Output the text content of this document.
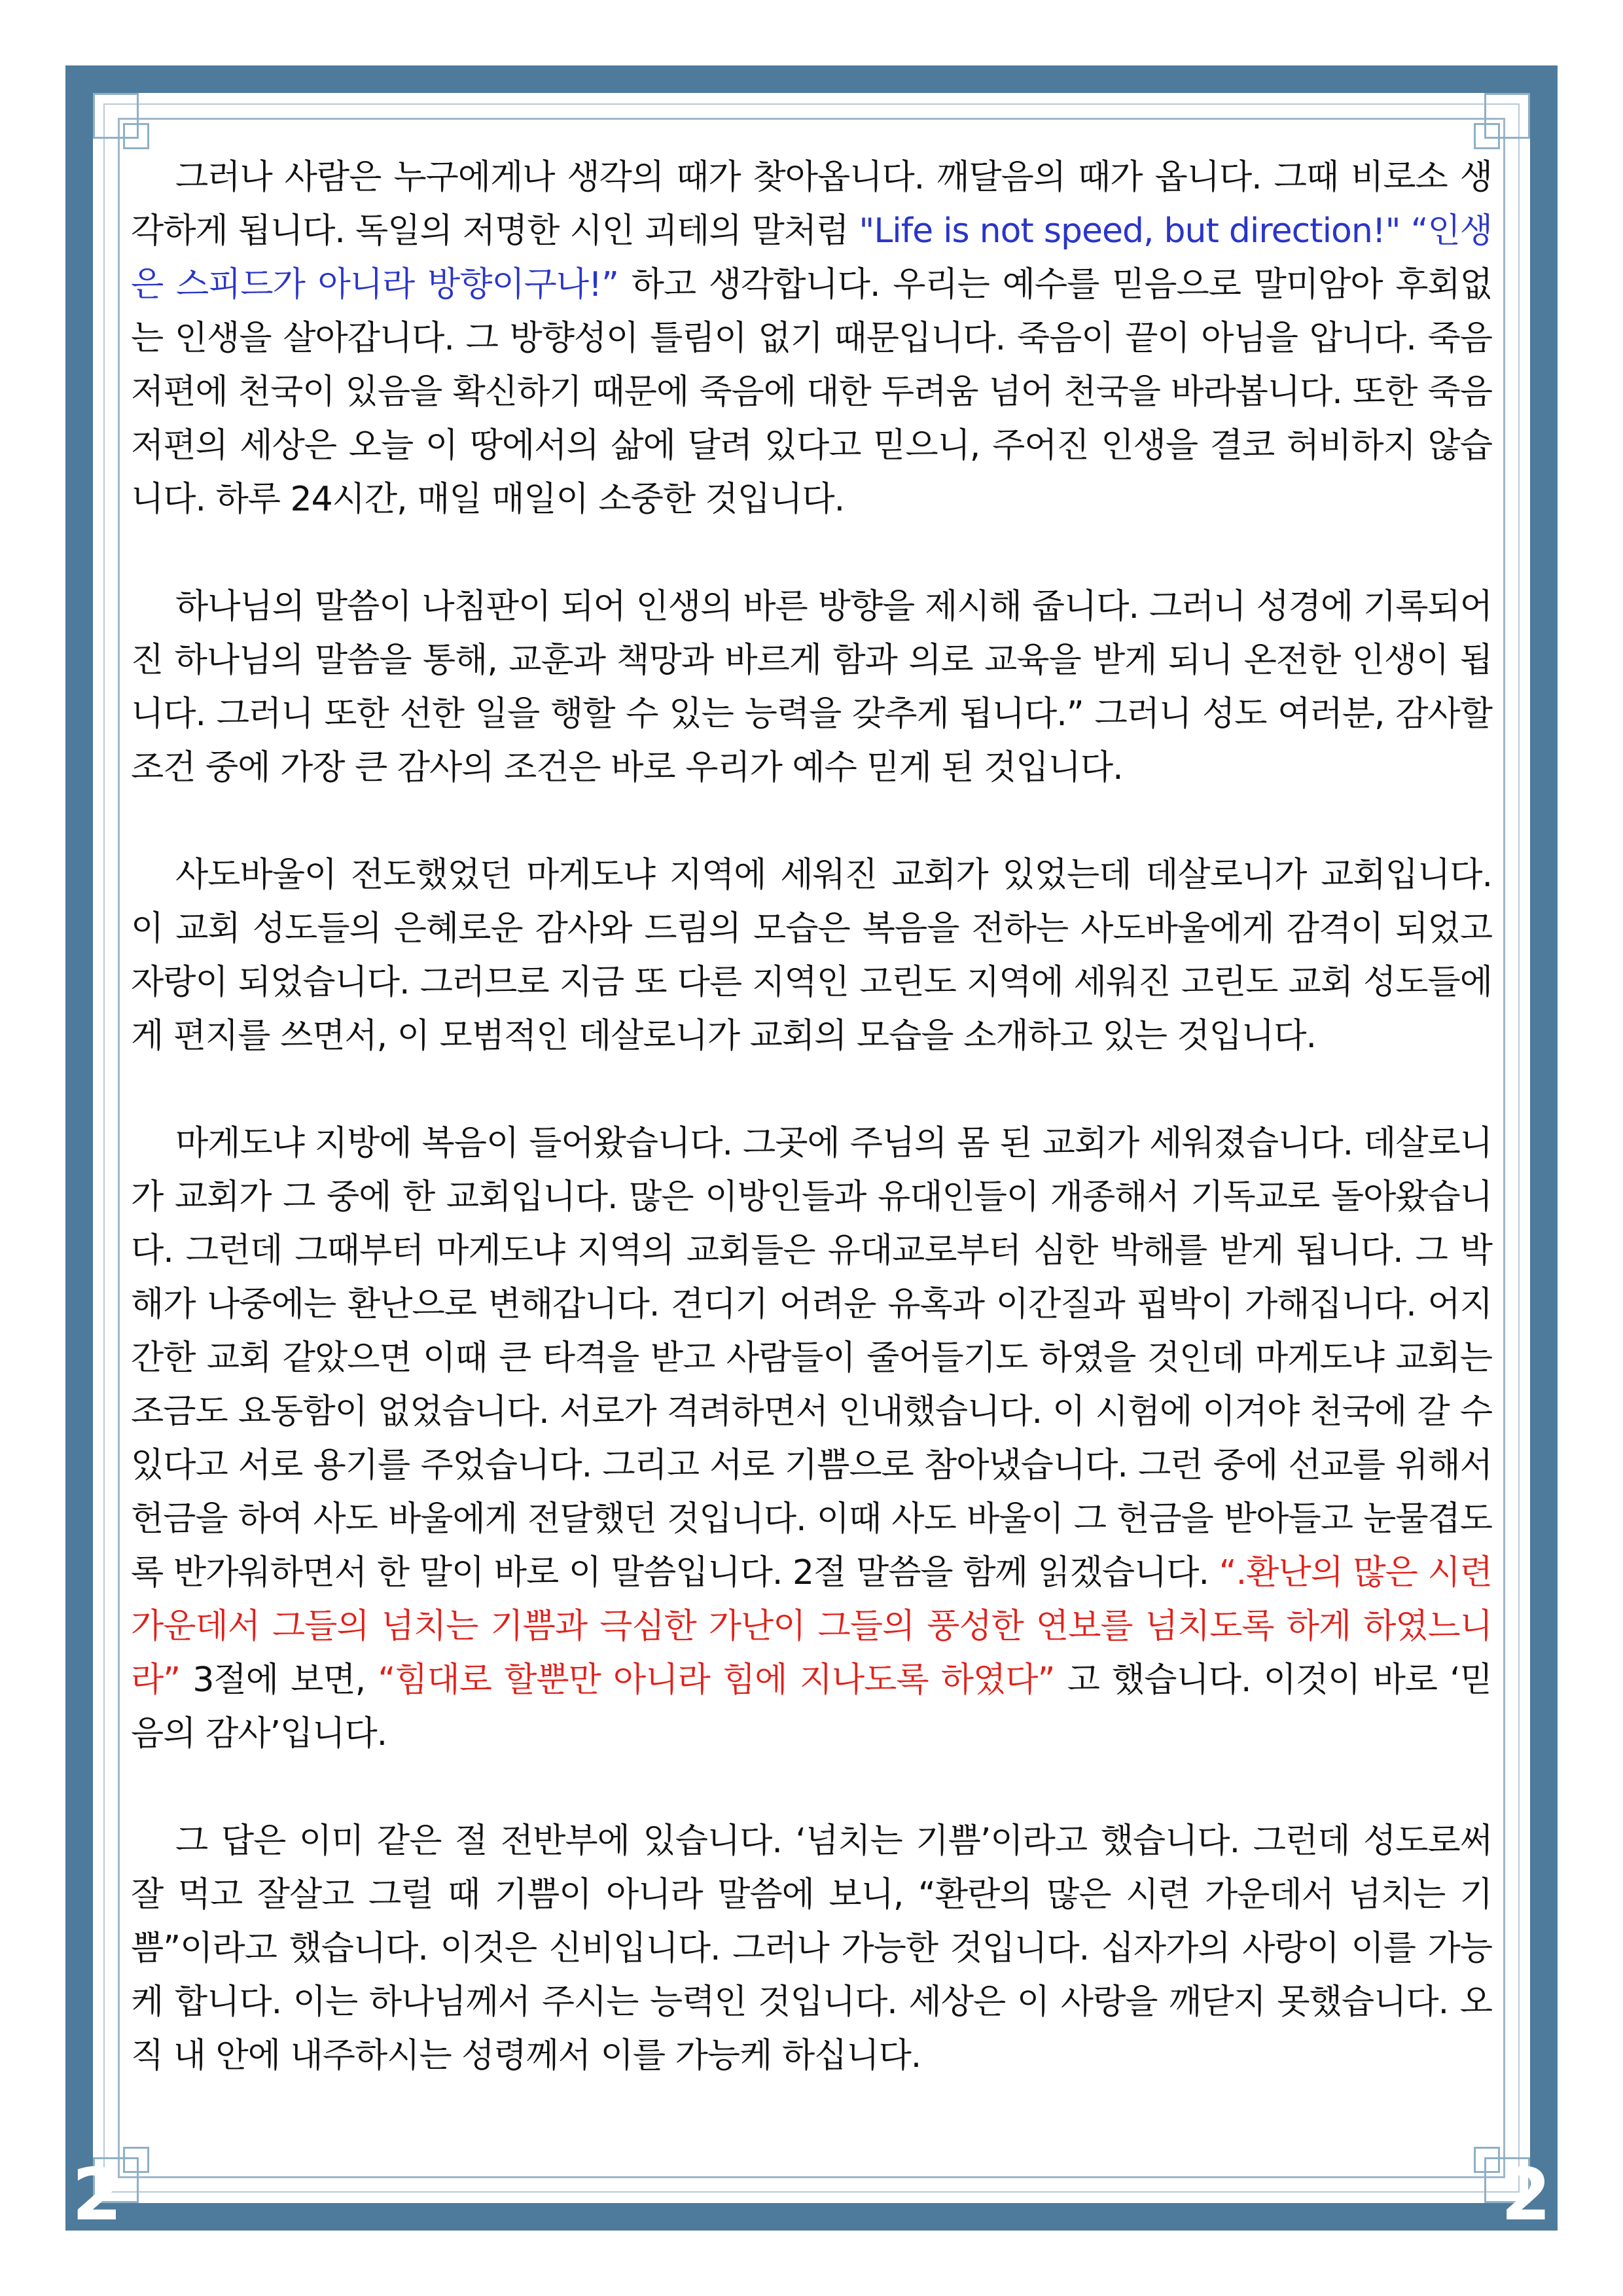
그러나 사람은 누구에게나 생각의 때가 찾아옵니다. 깨달음의 때가 옵니다. 그때 비로소 생각하게 됩니다. 독일의 저명한 시인 괴테의 말처럼 "Life is not speed, but direction!" “인생은 스피드가 아니라 방향이구나!” 하고 생각합니다. 우리는 예수를 믿음으로 말미암아 후회없는 인생을 살아갑니다. 그 방향성이 틀림이 없기 때문입니다. 죽음이 끝이 아님을 압니다. 죽음 저편에 천국이 있음을 확신하기 때문에 죽음에 대한 두려움 넘어 천국을 바라봅니다. 또한 죽음 저편의 세상은 오늘 이 땅에서의 삶에 달려 있다고 믿으니, 주어진 인생을 결코 허비하지 않습니다. 하루 24시간, 매일 매일이 소중한 것입니다.

하나님의 말씀이 나침판이 되어 인생의 바른 방향을 제시해 줍니다. 그러니 성경에 기록되어진 하나님의 말씀을 통해, 교훈과 책망과 바르게 함과 의로 교육을 받게 되니 온전한 인생이 됩니다. 그러니 또한 선한 일을 행할 수 있는 능력을 갖추게 됩니다.” 그러니 성도 여러분, 감사할 조건 중에 가장 큰 감사의 조건은 바로 우리가 예수 믿게 된 것입니다.

사도바울이 전도했었던 마게도냐 지역에 세워진 교회가 있었는데 데살로니가 교회입니다. 이 교회 성도들의 은혜로운 감사와 드림의 모습은 복음을 전하는 사도바울에게 감격이 되었고 자랑이 되었습니다. 그러므로 지금 또 다른 지역인 고린도 지역에 세워진 고린도 교회 성도들에게 편지를 쓰면서, 이 모범적인 데살로니가 교회의 모습을 소개하고 있는 것입니다.

마게도냐 지방에 복음이 들어왔습니다. 그곳에 주님의 몸 된 교회가 세워졌습니다. 데살로니가 교회가 그 중에 한 교회입니다. 많은 이방인들과 유대인들이 개종해서 기독교로 돌아왔습니다. 그런데 그때부터 마게도냐 지역의 교회들은 유대교로부터 심한 박해를 받게 됩니다. 그 박해가 나중에는 환난으로 변해갑니다. 견디기 어려운 유혹과 이간질과 핍박이 가해집니다. 어지간한 교회 같았으면 이때 큰 타격을 받고 사람들이 줄어들기도 하였을 것인데 마게도냐 교회는 조금도 요동함이 없었습니다. 서로가 격려하면서 인내했습니다. 이 시험에 이겨야 천국에 갈 수 있다고 서로 용기를 주었습니다. 그리고 서로 기쁨으로 참아냈습니다. 그런 중에 선교를 위해서 헌금을 하여 사도 바울에게 전달했던 것입니다. 이때 사도 바울이 그 헌금을 받아들고 눈물겹도록 반가워하면서 한 말이 바로 이 말씀입니다. 2절 말씀을 함께 읽겠습니다. “.환난의 많은 시련 가운데서 그들의 넘치는 기쁨과 극심한 가난이 그들의 풍성한 연보를 넘치도록 하게 하였느니라” 3절에 보면, “힘대로 할뿐만 아니라 힘에 지나도록 하였다” 고 했습니다. 이것이 바로 ‘믿음의 감사’입니다.

그 답은 이미 같은 절 전반부에 있습니다. ‘넘치는 기쁨’이라고 했습니다. 그런데 성도로써 잘 먹고 잘살고 그럴 때 기쁨이 아니라 말씀에 보니, “환란의 많은 시련 가운데서 넘치는 기쁨”이라고 했습니다. 이것은 신비입니다. 그러나 가능한 것입니다. 십자가의 사랑이 이를 가능케 합니다. 이는 하나님께서 주시는 능력인 것입니다. 세상은 이 사랑을 깨닫지 못했습니다. 오직 내 안에 내주하시는 성령께서 이를 가능케 하십니다.

2	2
